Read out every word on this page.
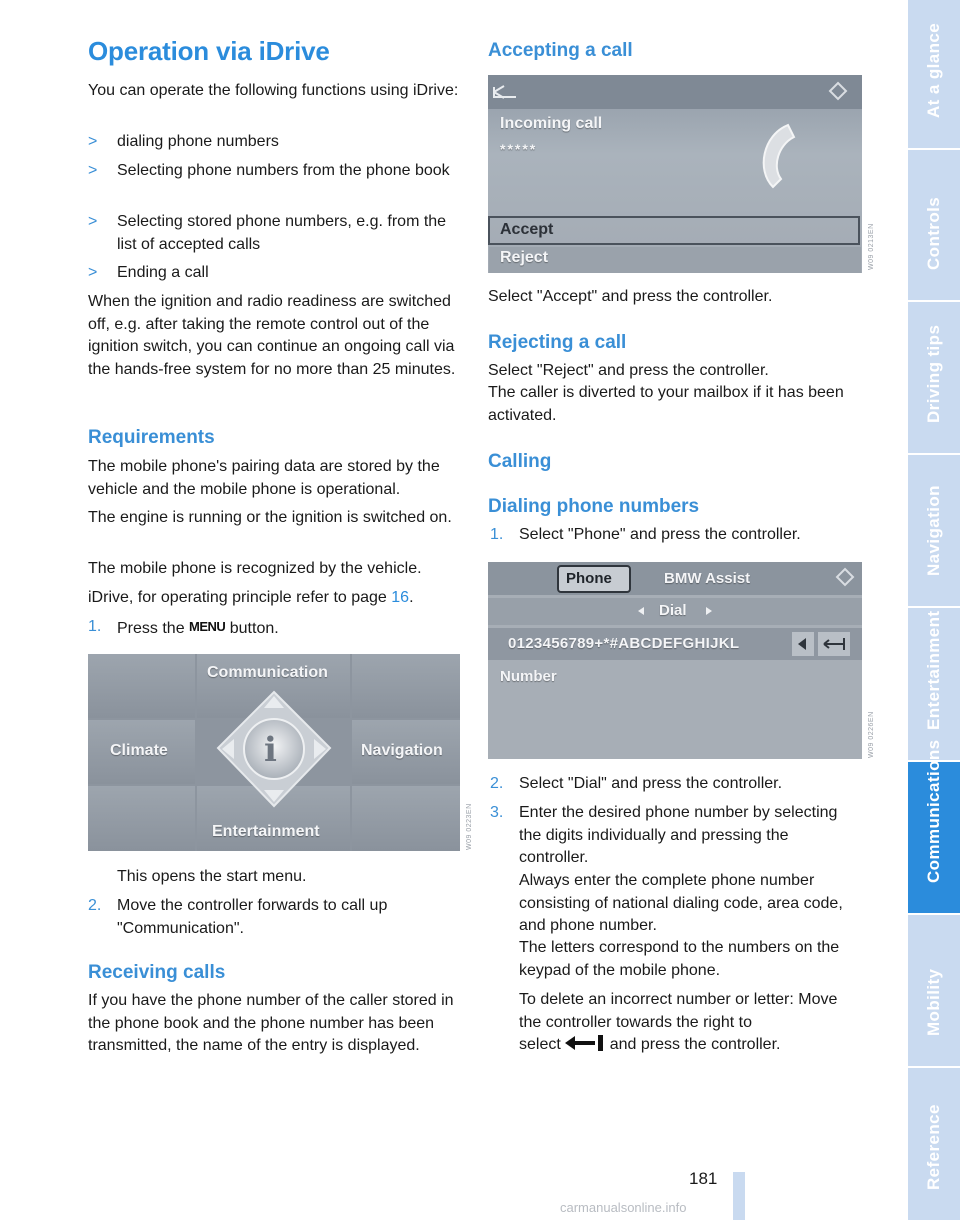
Operation via iDrive

You can operate the following functions using iDrive:

> dialing phone numbers
> Selecting phone numbers from the phone book
> Selecting stored phone numbers, e.g. from the list of accepted calls
> Ending a call

When the ignition and radio readiness are switched off, e.g. after taking the remote control out of the ignition switch, you can continue an ongoing call via the hands-free system for no more than 25 minutes.

Requirements

The mobile phone's pairing data are stored by the vehicle and the mobile phone is operational.

The engine is running or the ignition is switched on.

The mobile phone is recognized by the vehicle.

iDrive, for operating principle refer to page 16.

1. Press the MENU button.

Communication
Climate	Navigation
Entertainment
i
W09 0223EN

This opens the start menu.

2. Move the controller forwards to call up "Communication".

Receiving calls

If you have the phone number of the caller stored in the phone book and the phone number has been transmitted, the name of the entry is displayed.

Accepting a call
Incoming call
*****
Accept
Reject	W09 0213EN

Select "Accept" and press the controller.

Rejecting a call

Select "Reject" and press the controller.

The caller is diverted to your mailbox if it has been activated.

Calling
Dialing phone numbers

1. Select "Phone" and press the controller.

Phone	BMW Assist
Dial
0123456789+*#ABCDEFGHIJKL
Number
W09 0226EN

2. Select "Dial" and press the controller.

3. Enter the desired phone number by selecting the digits individually and pressing the controller.

Always enter the complete phone number consisting of national dialing code, area code, and phone number.

The letters correspond to the numbers on the keypad of the mobile phone.

To delete an incorrect number or letter: Move the controller towards the right to

select	and press the controller.

At a glance
Controls
Driving tips
Navigation
Entertainment
Communications
Mobility
Reference
181
carmanualsonline.info
